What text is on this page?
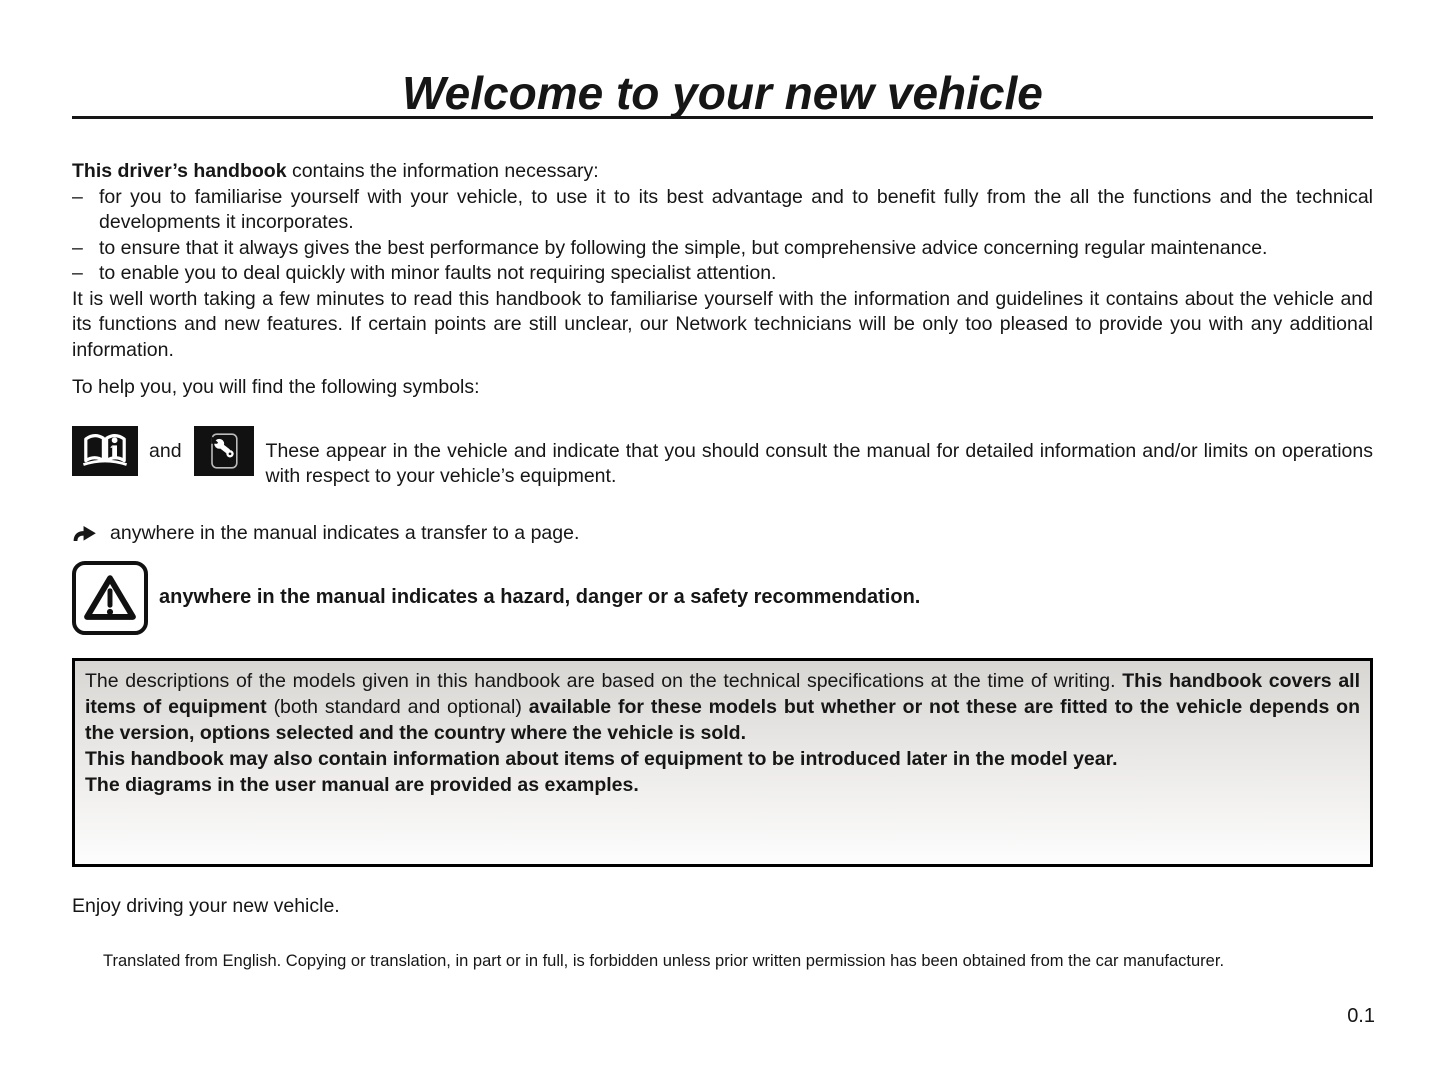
Welcome to your new vehicle
This driver’s handbook contains the information necessary:
– for you to familiarise yourself with your vehicle, to use it to its best advantage and to benefit fully from the all the functions and the technical developments it incorporates.
– to ensure that it always gives the best performance by following the simple, but comprehensive advice concerning regular maintenance.
– to enable you to deal quickly with minor faults not requiring specialist attention.
It is well worth taking a few minutes to read this handbook to familiarise yourself with the information and guidelines it contains about the vehicle and its functions and new features. If certain points are still unclear, our Network technicians will be only too pleased to provide you with any additional information.
To help you, you will find the following symbols:
and	These appear in the vehicle and indicate that you should consult the manual for detailed information and/or limits on operations with respect to your vehicle’s equipment.
anywhere in the manual indicates a transfer to a page.
anywhere in the manual indicates a hazard, danger or a safety recommendation.
The descriptions of the models given in this handbook are based on the technical specifications at the time of writing. This handbook covers all items of equipment (both standard and optional) available for these models but whether or not these are fitted to the vehicle depends on the version, options selected and the country where the vehicle is sold.
This handbook may also contain information about items of equipment to be introduced later in the model year.
The diagrams in the user manual are provided as examples.
Enjoy driving your new vehicle.
Translated from English. Copying or translation, in part or in full, is forbidden unless prior written permission has been obtained from the car manufacturer.
0.1
